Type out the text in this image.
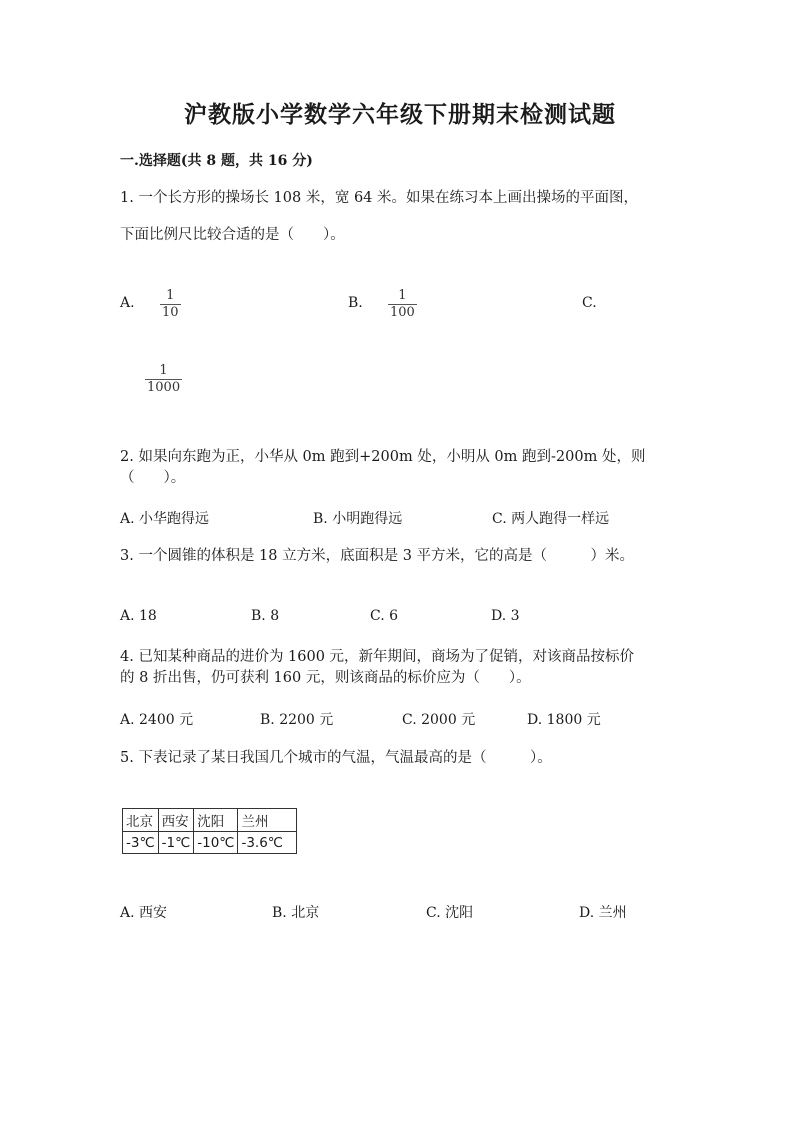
沪教版小学数学六年级下册期末检测试题
一.选择题(共 8 题，共 16 分)
1. 一个长方形的操场长 108 米，宽 64 米。如果在练习本上画出操场的平面图，
下面比例尺比较合适的是（　　）。
A. 1
10
B.	1
100
C.
1
1000
2. 如果向东跑为正，小华从 0m 跑到+200m 处，小明从 0m 跑到-200m 处，则
（　　）。
A. 小华跑得远	B. 小明跑得远	C. 两人跑得一样远
3. 一个圆锥的体积是 18 立方米，底面积是 3 平方米，它的高是（　　　）米。
A. 18	B. 8	C. 6	D. 3
4. 已知某种商品的进价为 1600 元，新年期间，商场为了促销，对该商品按标价
的 8 折出售，仍可获利 160 元，则该商品的标价应为（　　）。
A. 2400 元	B. 2200 元	C. 2000 元	D. 1800 元
5. 下表记录了某日我国几个城市的气温，气温最高的是（　　　）。
北京	西安	沈阳	兰州
-3℃	-1℃	-10℃	-3.6℃
A. 西安	B. 北京	C. 沈阳	D. 兰州
